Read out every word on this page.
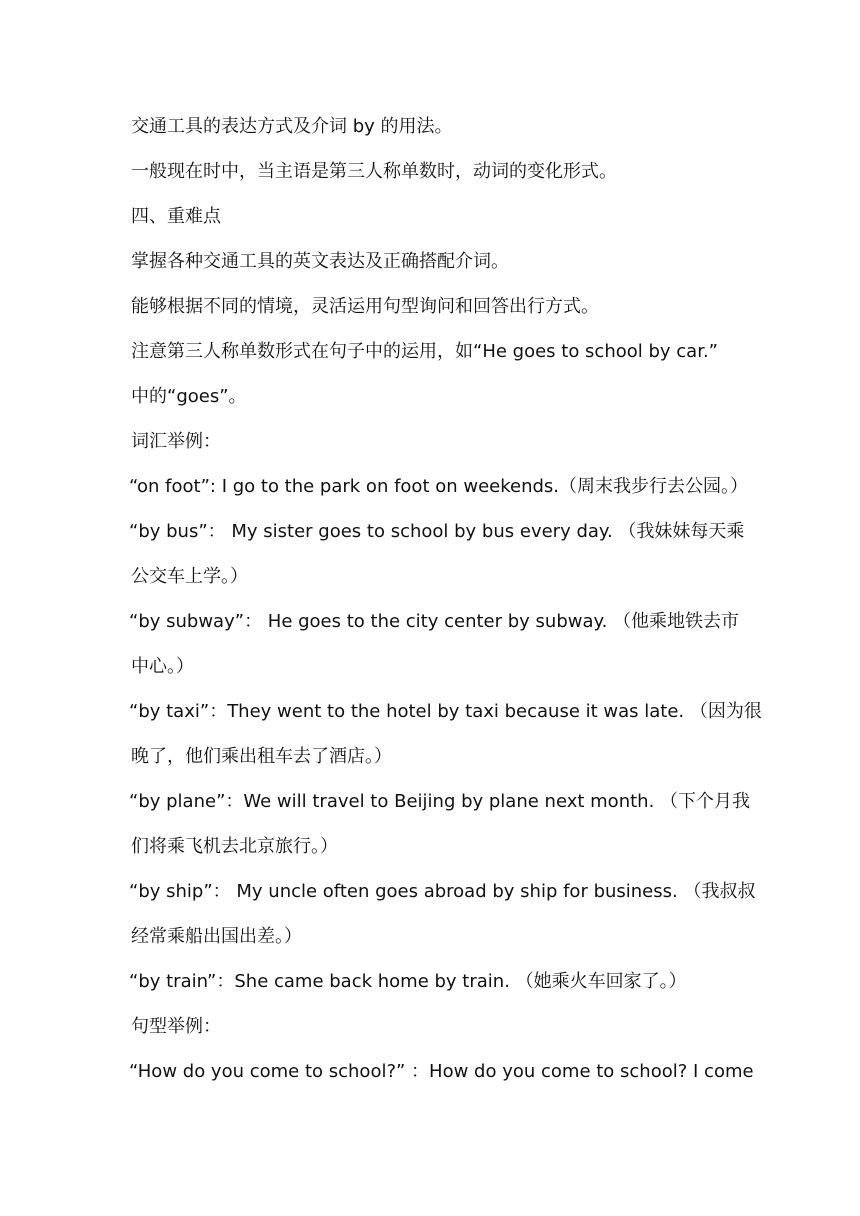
交通工具的表达方式及介词 by 的用法。
一般现在时中，当主语是第三人称单数时，动词的变化形式。
四、重难点
掌握各种交通工具的英文表达及正确搭配介词。
能够根据不同的情境，灵活运用句型询问和回答出行方式。
注意第三人称单数形式在句子中的运用，如“He goes to school by car.”
中的“goes”。
词汇举例：
“on foot”: I go to the park on foot on weekends.（周末我步行去公园。）
“by bus”： My sister goes to school by bus every day. （我妹妹每天乘
公交车上学。）
“by subway”： He goes to the city center by subway. （他乘地铁去市
中心。）
“by taxi”：They went to the hotel by taxi because it was late. （因为很
晚了，他们乘出租车去了酒店。）
“by plane”：We will travel to Beijing by plane next month. （下个月我
们将乘飞机去北京旅行。）
“by ship”： My uncle often goes abroad by ship for business. （我叔叔
经常乘船出国出差。）
“by train”：She came back home by train. （她乘火车回家了。）
句型举例：
“How do you come to school?” ：How do you come to school? I come
